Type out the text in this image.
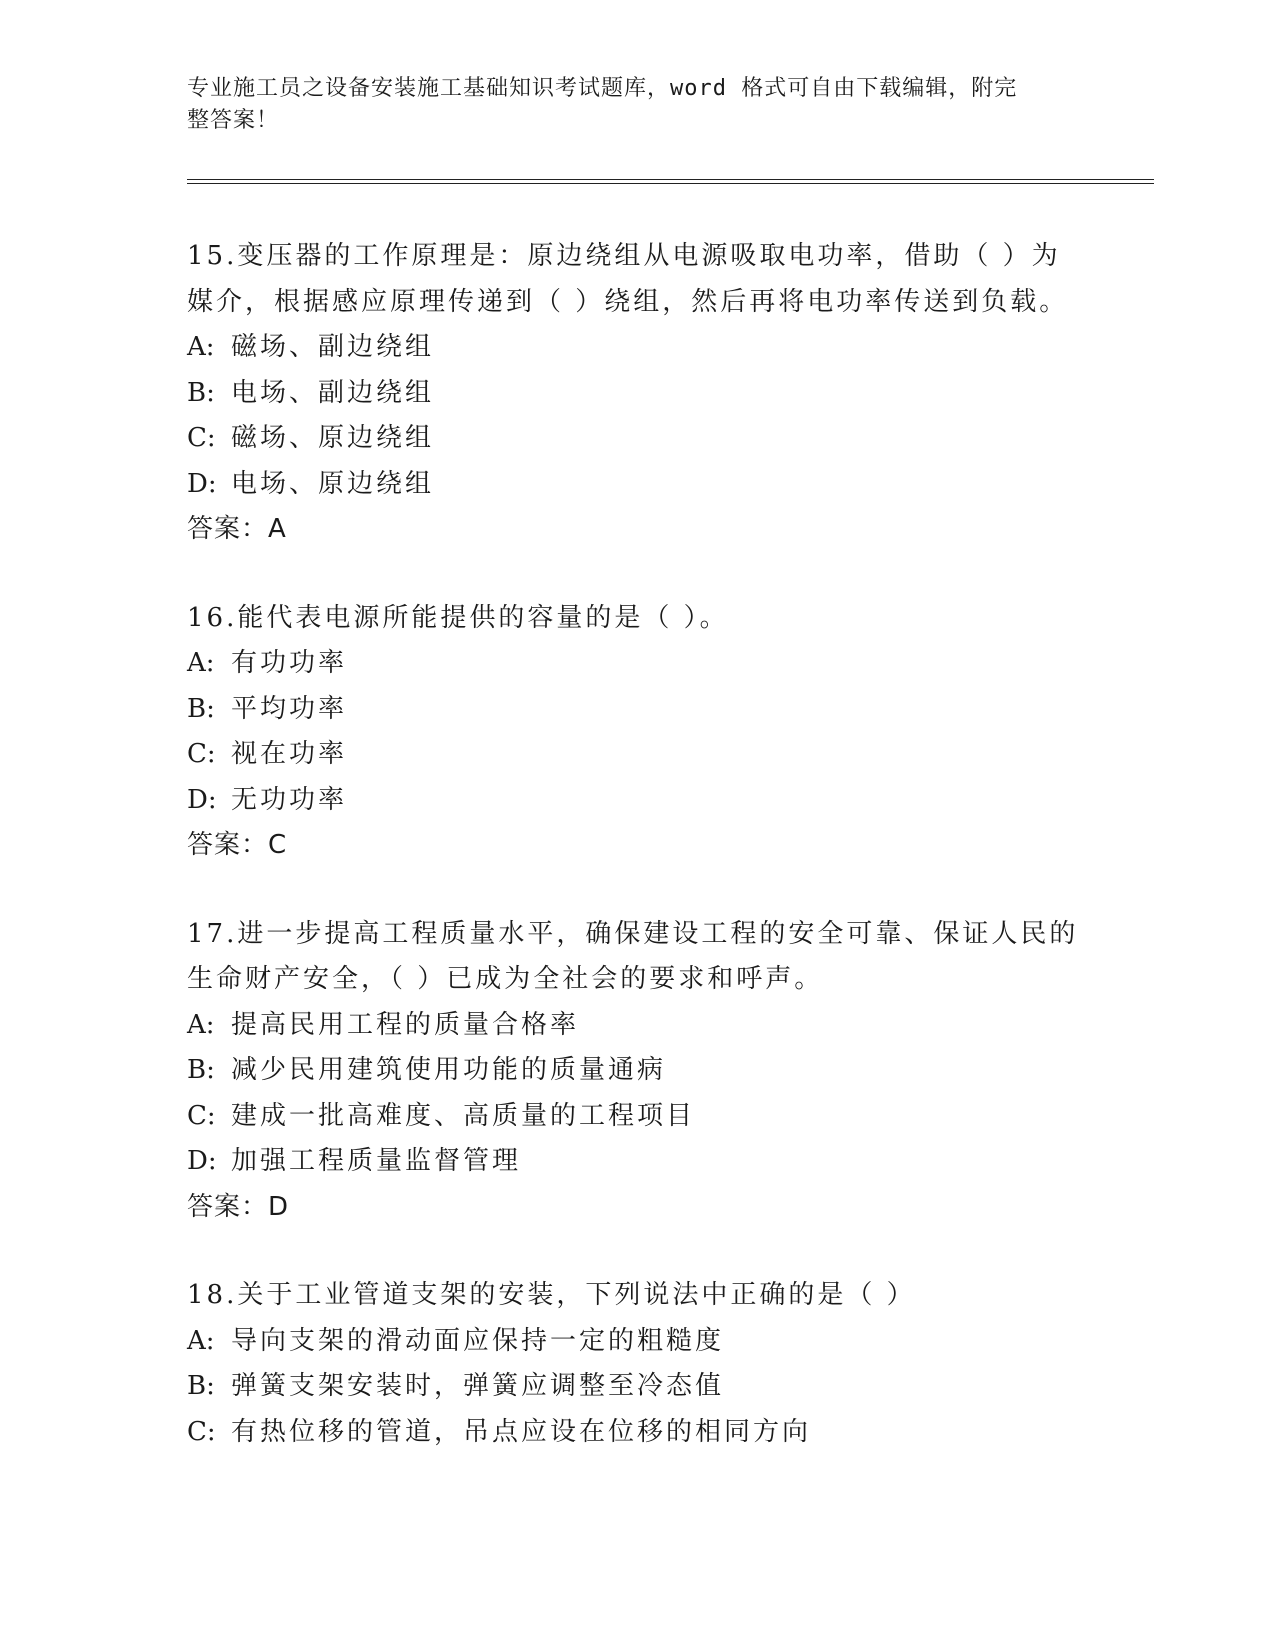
专业施工员之设备安装施工基础知识考试题库，word 格式可自由下载编辑，附完
整答案！
15.变压器的工作原理是：原边绕组从电源吸取电功率，借助（ ）为
媒介，根据感应原理传递到（ ）绕组，然后再将电功率传送到负载。
A: 磁场、副边绕组
B: 电场、副边绕组
C: 磁场、原边绕组
D: 电场、原边绕组
答案：A
16.能代表电源所能提供的容量的是（ ）。
A: 有功功率
B: 平均功率
C: 视在功率
D: 无功功率
答案：C
17.进一步提高工程质量水平，确保建设工程的安全可靠、保证人民的
生命财产安全，（ ）已成为全社会的要求和呼声。
A: 提高民用工程的质量合格率
B: 减少民用建筑使用功能的质量通病
C: 建成一批高难度、高质量的工程项目
D: 加强工程质量监督管理
答案：D
18.关于工业管道支架的安装，下列说法中正确的是（ ）
A: 导向支架的滑动面应保持一定的粗糙度
B: 弹簧支架安装时，弹簧应调整至冷态值
C: 有热位移的管道，吊点应设在位移的相同方向
